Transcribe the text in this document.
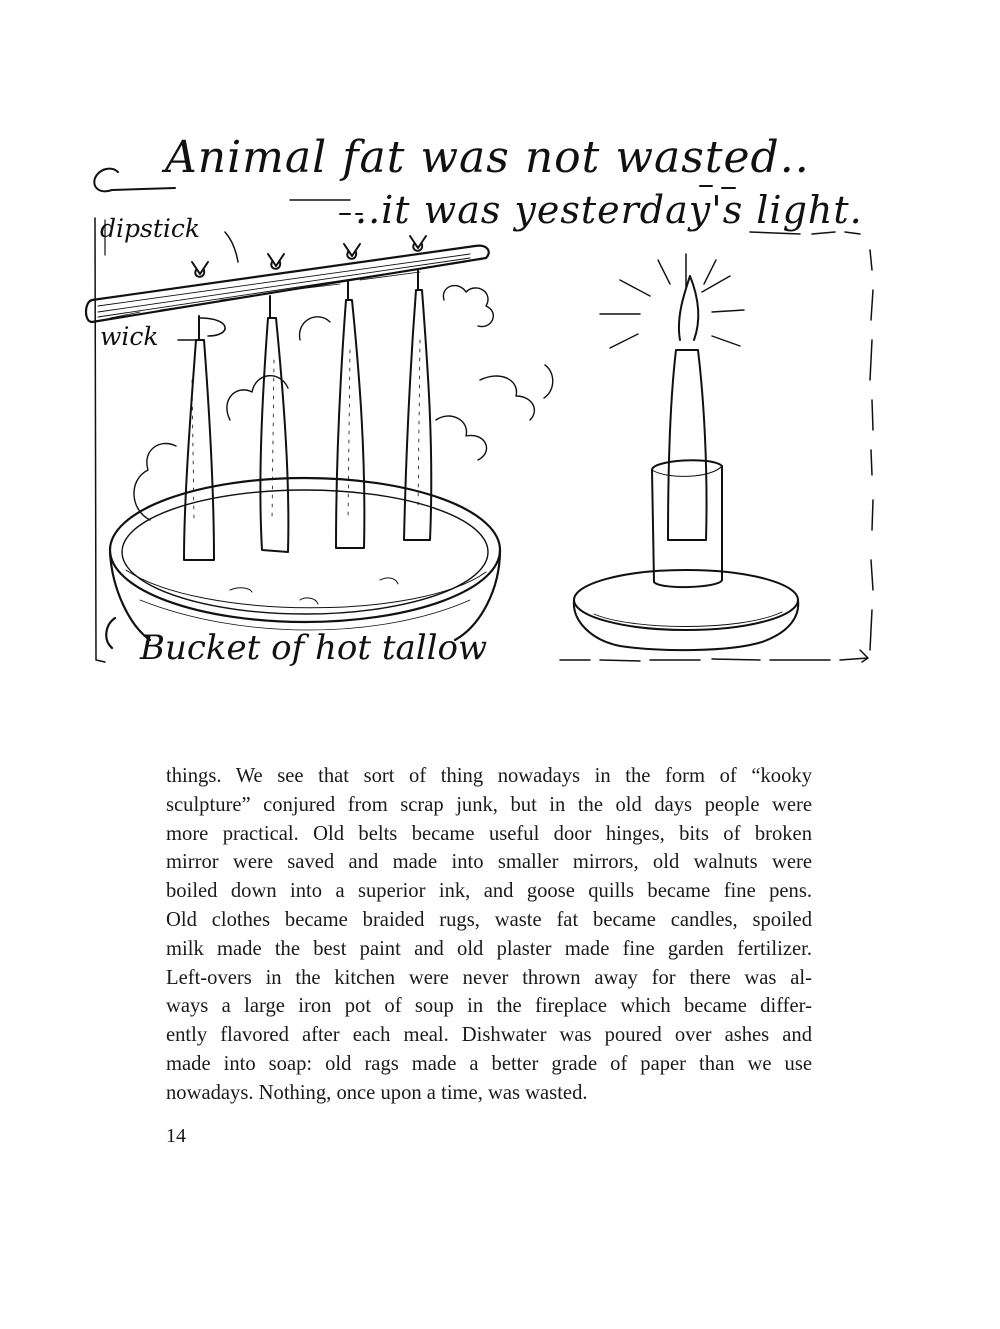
Animal fat was not wasted..
..it was yesterday's light.
dipstick
wick
Bucket of hot tallow
things. We see that sort of thing nowadays in the form of “kooky
sculpture” conjured from scrap junk, but in the old days people were
more practical. Old belts became useful door hinges, bits of broken
mirror were saved and made into smaller mirrors, old walnuts were
boiled down into a superior ink, and goose quills became fine pens.
Old clothes became braided rugs, waste fat became candles, spoiled
milk made the best paint and old plaster made fine garden fertilizer.
Left-overs in the kitchen were never thrown away for there was al-
ways a large iron pot of soup in the fireplace which became differ-
ently flavored after each meal. Dishwater was poured over ashes and
made into soap: old rags made a better grade of paper than we use
nowadays. Nothing, once upon a time, was wasted.
14
